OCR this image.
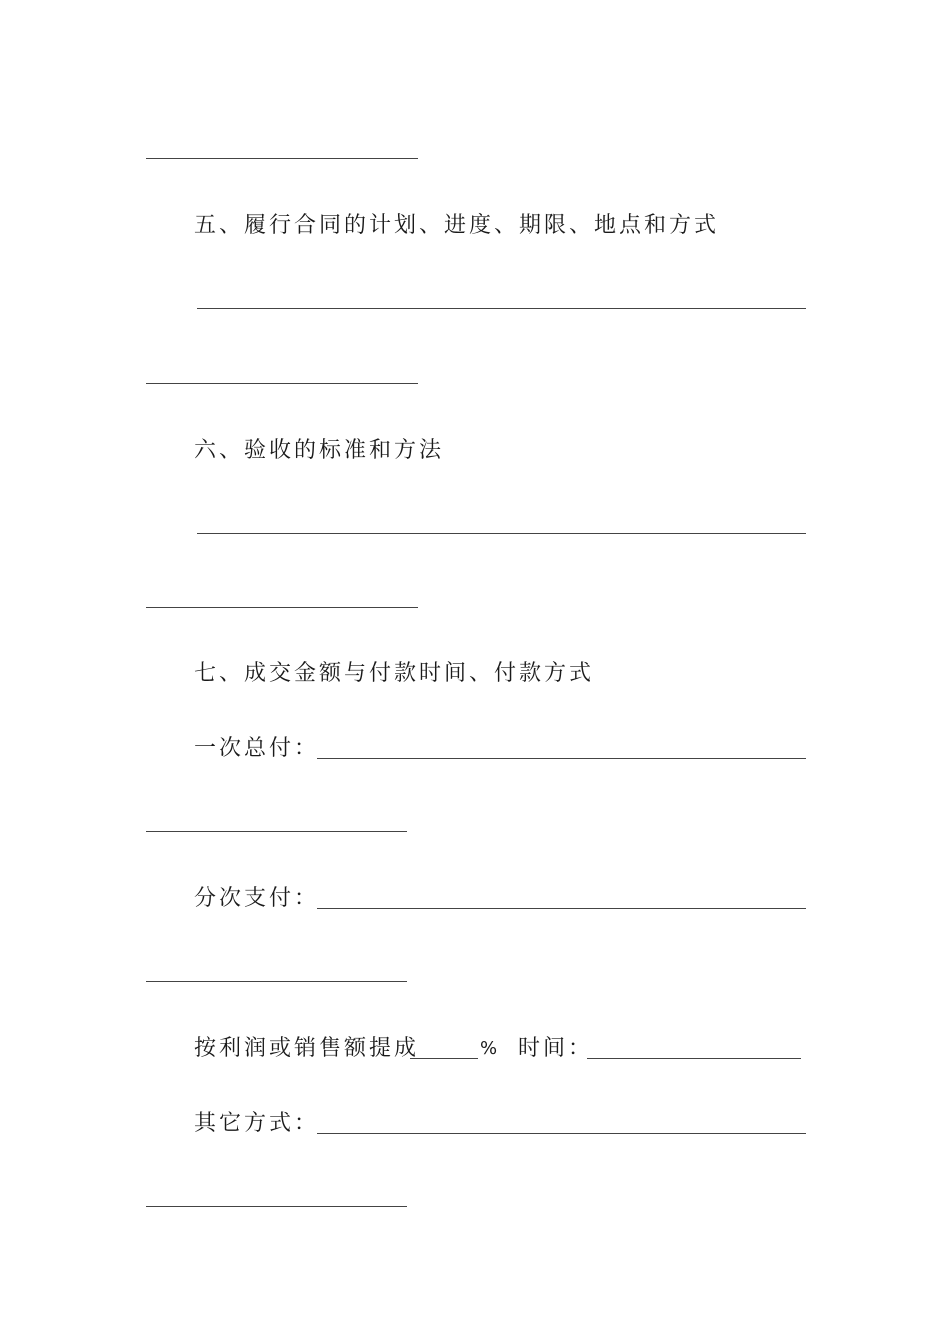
五、履行合同的计划、进度、期限、地点和方式
六、验收的标准和方法
七、成交金额与付款时间、付款方式
一次总付：
分次支付：
按利润或销售额提成	% 时间：
其它方式：
